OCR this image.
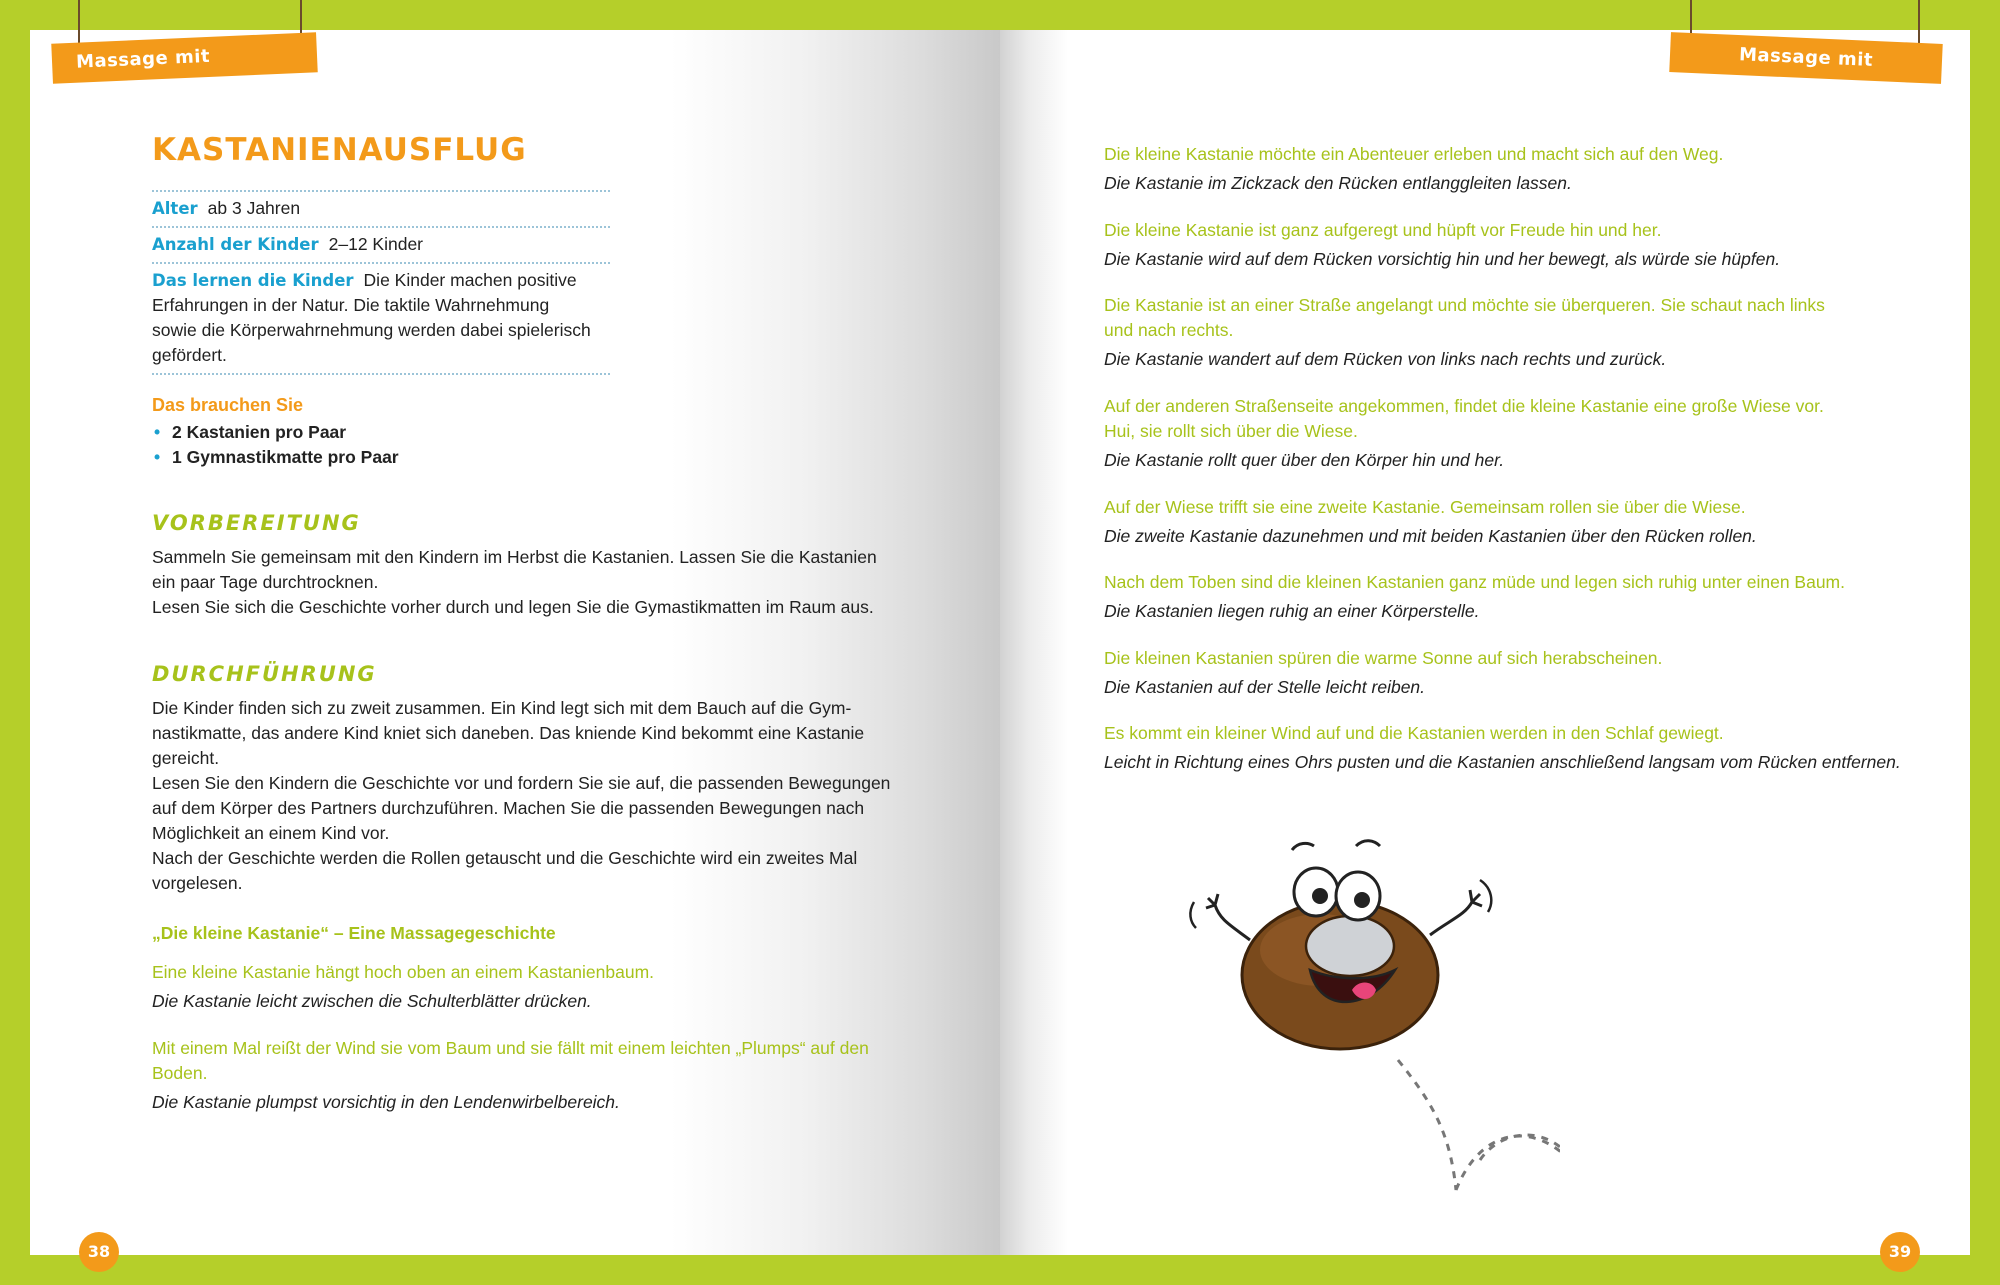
Massage mit Material
Massage mit Material
38	39
KASTANIENAUSFLUG
Alter ab 3 Jahren
Anzahl der Kinder 2–12 Kinder
Das lernen die Kinder Die Kinder machen positive
Erfahrungen in der Natur. Die taktile Wahrnehmung
sowie die Körperwahrnehmung werden dabei spielerisch
gefördert.
Das brauchen Sie
• 2 Kastanien pro Paar
• 1 Gymnastikmatte pro Paar
VORBEREITUNG
Sammeln Sie gemeinsam mit den Kindern im Herbst die Kastanien. Lassen Sie die Kastanien
ein paar Tage durchtrocknen.
Lesen Sie sich die Geschichte vorher durch und legen Sie die Gymastikmatten im Raum aus.
DURCHFÜHRUNG
Die Kinder finden sich zu zweit zusammen. Ein Kind legt sich mit dem Bauch auf die Gym-
nastikmatte, das andere Kind kniet sich daneben. Das kniende Kind bekommt eine Kastanie
gereicht.
Lesen Sie den Kindern die Geschichte vor und fordern Sie sie auf, die passenden Bewegungen
auf dem Körper des Partners durchzuführen. Machen Sie die passenden Bewegungen nach
Möglichkeit an einem Kind vor.
Nach der Geschichte werden die Rollen getauscht und die Geschichte wird ein zweites Mal
vorgelesen.
„Die kleine Kastanie“ – Eine Massagegeschichte
Eine kleine Kastanie hängt hoch oben an einem Kastanienbaum.
Die Kastanie leicht zwischen die Schulterblätter drücken.
Mit einem Mal reißt der Wind sie vom Baum und sie fällt mit einem leichten „Plumps“ auf den
Boden.
Die Kastanie plumpst vorsichtig in den Lendenwirbelbereich.
Die kleine Kastanie möchte ein Abenteuer erleben und macht sich auf den Weg.
Die Kastanie im Zickzack den Rücken entlanggleiten lassen.
Die kleine Kastanie ist ganz aufgeregt und hüpft vor Freude hin und her.
Die Kastanie wird auf dem Rücken vorsichtig hin und her bewegt, als würde sie hüpfen.
Die Kastanie ist an einer Straße angelangt und möchte sie überqueren. Sie schaut nach links
und nach rechts.
Die Kastanie wandert auf dem Rücken von links nach rechts und zurück.
Auf der anderen Straßenseite angekommen, findet die kleine Kastanie eine große Wiese vor.
Hui, sie rollt sich über die Wiese.
Die Kastanie rollt quer über den Körper hin und her.
Auf der Wiese trifft sie eine zweite Kastanie. Gemeinsam rollen sie über die Wiese.
Die zweite Kastanie dazunehmen und mit beiden Kastanien über den Rücken rollen.
Nach dem Toben sind die kleinen Kastanien ganz müde und legen sich ruhig unter einen Baum.
Die Kastanien liegen ruhig an einer Körperstelle.
Die kleinen Kastanien spüren die warme Sonne auf sich herabscheinen.
Die Kastanien auf der Stelle leicht reiben.
Es kommt ein kleiner Wind auf und die Kastanien werden in den Schlaf gewiegt.
Leicht in Richtung eines Ohrs pusten und die Kastanien anschließend langsam vom Rücken entfernen.
